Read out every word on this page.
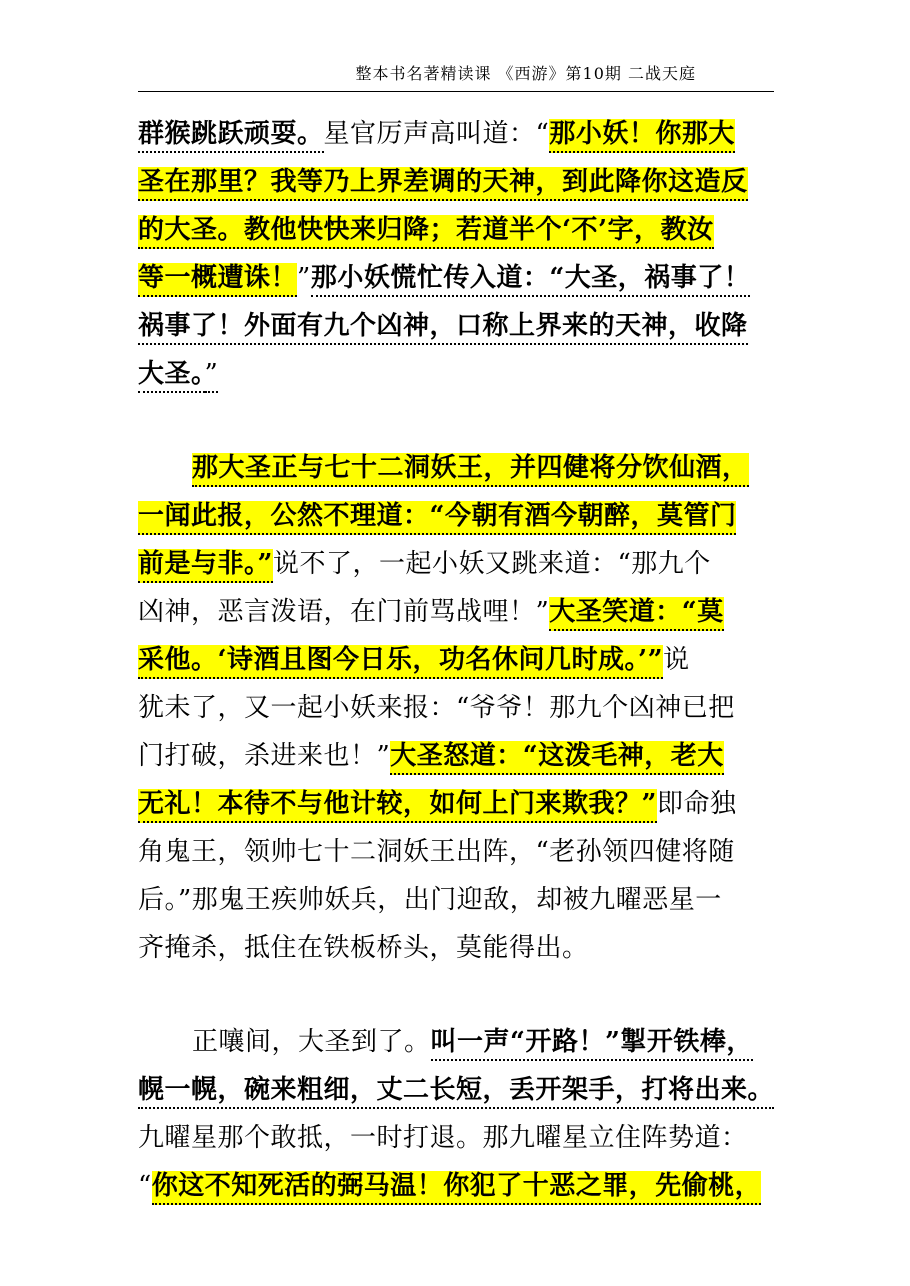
整本书名著精读课 《西游》第10期 二战天庭
群猴跳跃顽耍。星官厉声高叫道：“那小妖！你那大
圣在那里？我等乃上界差调的天神，到此降你这造反
的大圣。教他快快来归降；若道半个‘不’字，教汝
等一概遭诛！”那小妖慌忙传入道：“大圣，祸事了！
祸事了！外面有九个凶神，口称上界来的天神，收降
大圣。”
那大圣正与七十二洞妖王，并四健将分饮仙酒，
一闻此报，公然不理道：“今朝有酒今朝醉，莫管门
前是与非。”说不了，一起小妖又跳来道：“那九个
凶神，恶言泼语，在门前骂战哩！”大圣笑道：“莫
采他。‘诗酒且图今日乐，功名休问几时成。’”说
犹未了，又一起小妖来报：“爷爷！那九个凶神已把
门打破，杀进来也！”大圣怒道：“这泼毛神，老大
无礼！本待不与他计较，如何上门来欺我？”即命独
角鬼王，领帅七十二洞妖王出阵，“老孙领四健将随
后。”那鬼王疾帅妖兵，出门迎敌，却被九曜恶星一
齐掩杀，抵住在铁板桥头，莫能得出。
正嚷间，大圣到了。叫一声“开路！”掣开铁棒，
幌一幌，碗来粗细，丈二长短，丢开架手，打将出来。
九曜星那个敢抵，一时打退。那九曜星立住阵势道：
“你这不知死活的弼马温！你犯了十恶之罪，先偷桃，
